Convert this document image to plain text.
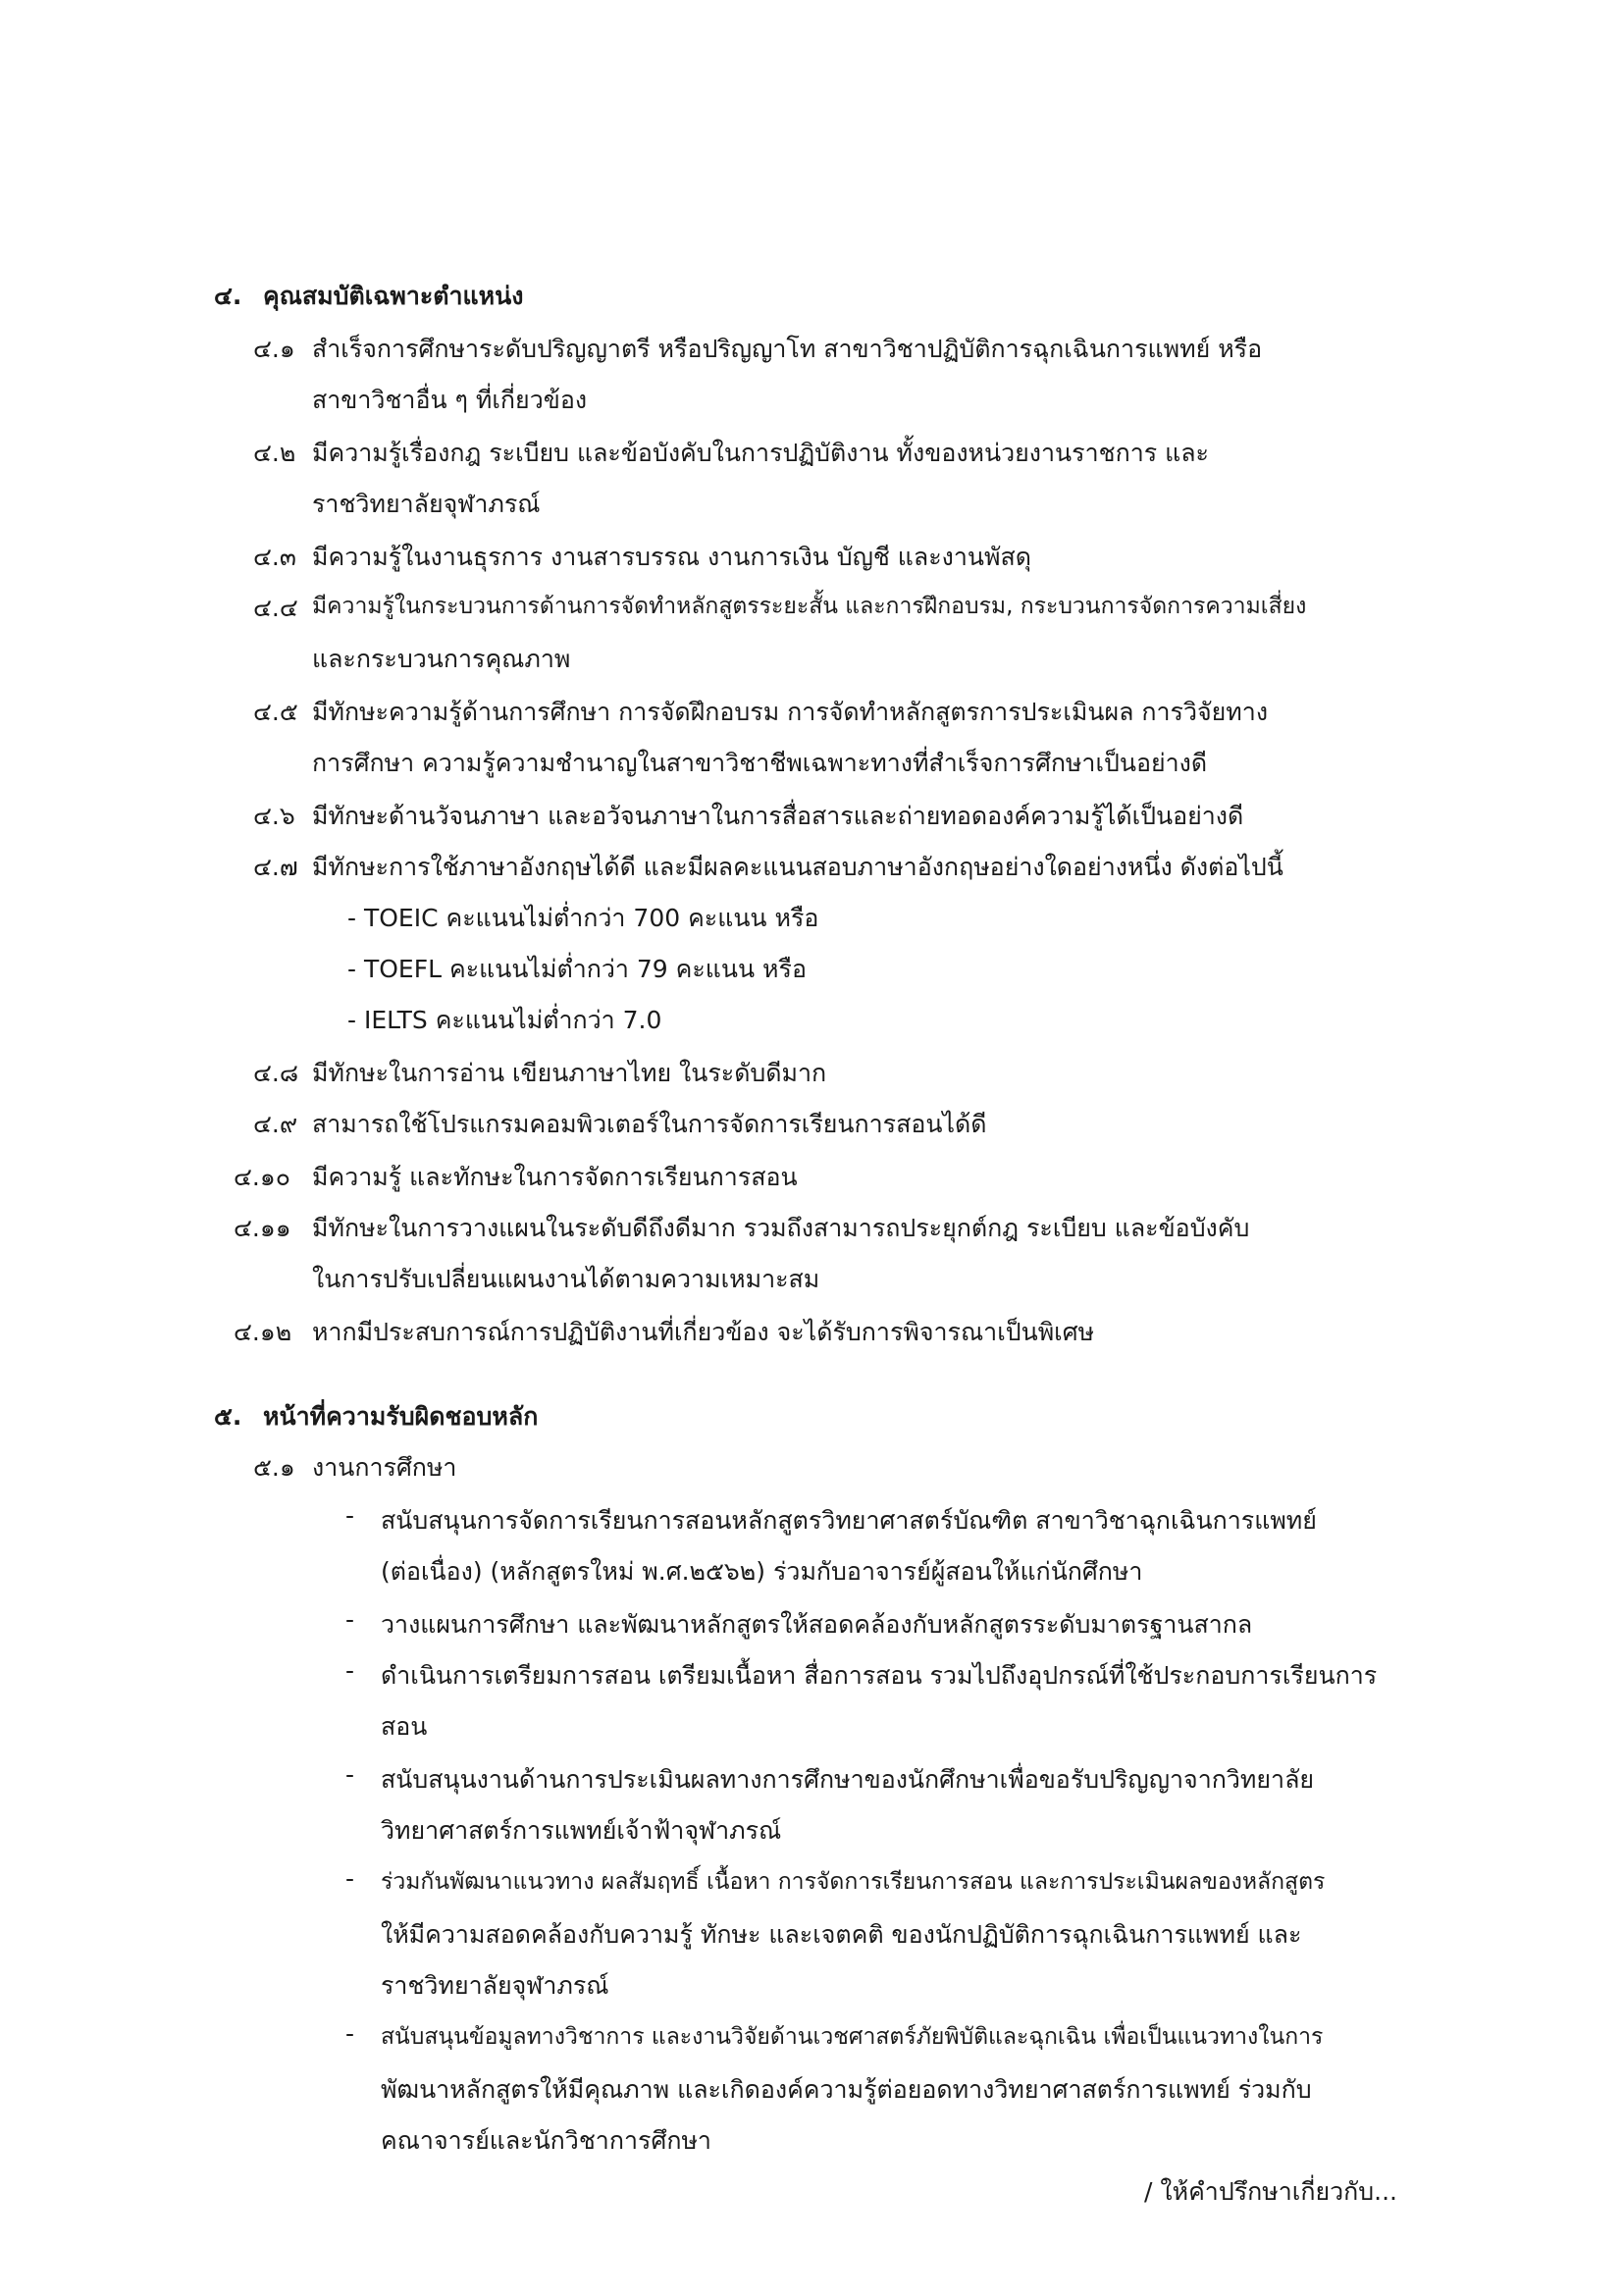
๔. คุณสมบัติเฉพาะตำแหน่ง
๔.๑ สำเร็จการศึกษาระดับปริญญาตรี หรือปริญญาโท สาขาวิชาปฏิบัติการฉุกเฉินการแพทย์ หรือ
สาขาวิชาอื่น ๆ ที่เกี่ยวข้อง
๔.๒ มีความรู้เรื่องกฎ ระเบียบ และข้อบังคับในการปฏิบัติงาน ทั้งของหน่วยงานราชการ และ
ราชวิทยาลัยจุฬาภรณ์
๔.๓ มีความรู้ในงานธุรการ งานสารบรรณ งานการเงิน บัญชี และงานพัสดุ
๔.๔ มีความรู้ในกระบวนการด้านการจัดทำหลักสูตรระยะสั้น และการฝึกอบรม, กระบวนการจัดการความเสี่ยง
และกระบวนการคุณภาพ
๔.๕ มีทักษะความรู้ด้านการศึกษา การจัดฝึกอบรม การจัดทำหลักสูตรการประเมินผล การวิจัยทาง
การศึกษา ความรู้ความชำนาญในสาขาวิชาชีพเฉพาะทางที่สำเร็จการศึกษาเป็นอย่างดี
๔.๖ มีทักษะด้านวัจนภาษา และอวัจนภาษาในการสื่อสารและถ่ายทอดองค์ความรู้ได้เป็นอย่างดี
๔.๗ มีทักษะการใช้ภาษาอังกฤษได้ดี และมีผลคะแนนสอบภาษาอังกฤษอย่างใดอย่างหนึ่ง ดังต่อไปนี้
- TOEIC คะแนนไม่ต่ำกว่า 700 คะแนน หรือ
- TOEFL คะแนนไม่ต่ำกว่า 79 คะแนน หรือ
- IELTS คะแนนไม่ต่ำกว่า 7.0
๔.๘ มีทักษะในการอ่าน เขียนภาษาไทย ในระดับดีมาก
๔.๙ สามารถใช้โปรแกรมคอมพิวเตอร์ในการจัดการเรียนการสอนได้ดี
๔.๑๐ มีความรู้ และทักษะในการจัดการเรียนการสอน
๔.๑๑ มีทักษะในการวางแผนในระดับดีถึงดีมาก รวมถึงสามารถประยุกต์กฎ ระเบียบ และข้อบังคับ
ในการปรับเปลี่ยนแผนงานได้ตามความเหมาะสม
๔.๑๒ หากมีประสบการณ์การปฏิบัติงานที่เกี่ยวข้อง จะได้รับการพิจารณาเป็นพิเศษ
๕. หน้าที่ความรับผิดชอบหลัก
๕.๑ งานการศึกษา
- สนับสนุนการจัดการเรียนการสอนหลักสูตรวิทยาศาสตร์บัณฑิต สาขาวิชาฉุกเฉินการแพทย์
(ต่อเนื่อง) (หลักสูตรใหม่ พ.ศ.๒๕๖๒) ร่วมกับอาจารย์ผู้สอนให้แก่นักศึกษา
- วางแผนการศึกษา และพัฒนาหลักสูตรให้สอดคล้องกับหลักสูตรระดับมาตรฐานสากล
- ดำเนินการเตรียมการสอน เตรียมเนื้อหา สื่อการสอน รวมไปถึงอุปกรณ์ที่ใช้ประกอบการเรียนการ
สอน
- สนับสนุนงานด้านการประเมินผลทางการศึกษาของนักศึกษาเพื่อขอรับปริญญาจากวิทยาลัย
วิทยาศาสตร์การแพทย์เจ้าฟ้าจุฬาภรณ์
- ร่วมกันพัฒนาแนวทาง ผลสัมฤทธิ์ เนื้อหา การจัดการเรียนการสอน และการประเมินผลของหลักสูตร
ให้มีความสอดคล้องกับความรู้ ทักษะ และเจตคติ ของนักปฏิบัติการฉุกเฉินการแพทย์ และ
ราชวิทยาลัยจุฬาภรณ์
- สนับสนุนข้อมูลทางวิชาการ และงานวิจัยด้านเวชศาสตร์ภัยพิบัติและฉุกเฉิน เพื่อเป็นแนวทางในการ
พัฒนาหลักสูตรให้มีคุณภาพ และเกิดองค์ความรู้ต่อยอดทางวิทยาศาสตร์การแพทย์ ร่วมกับ
คณาจารย์และนักวิชาการศึกษา
/ ให้คำปรึกษาเกี่ยวกับ...
